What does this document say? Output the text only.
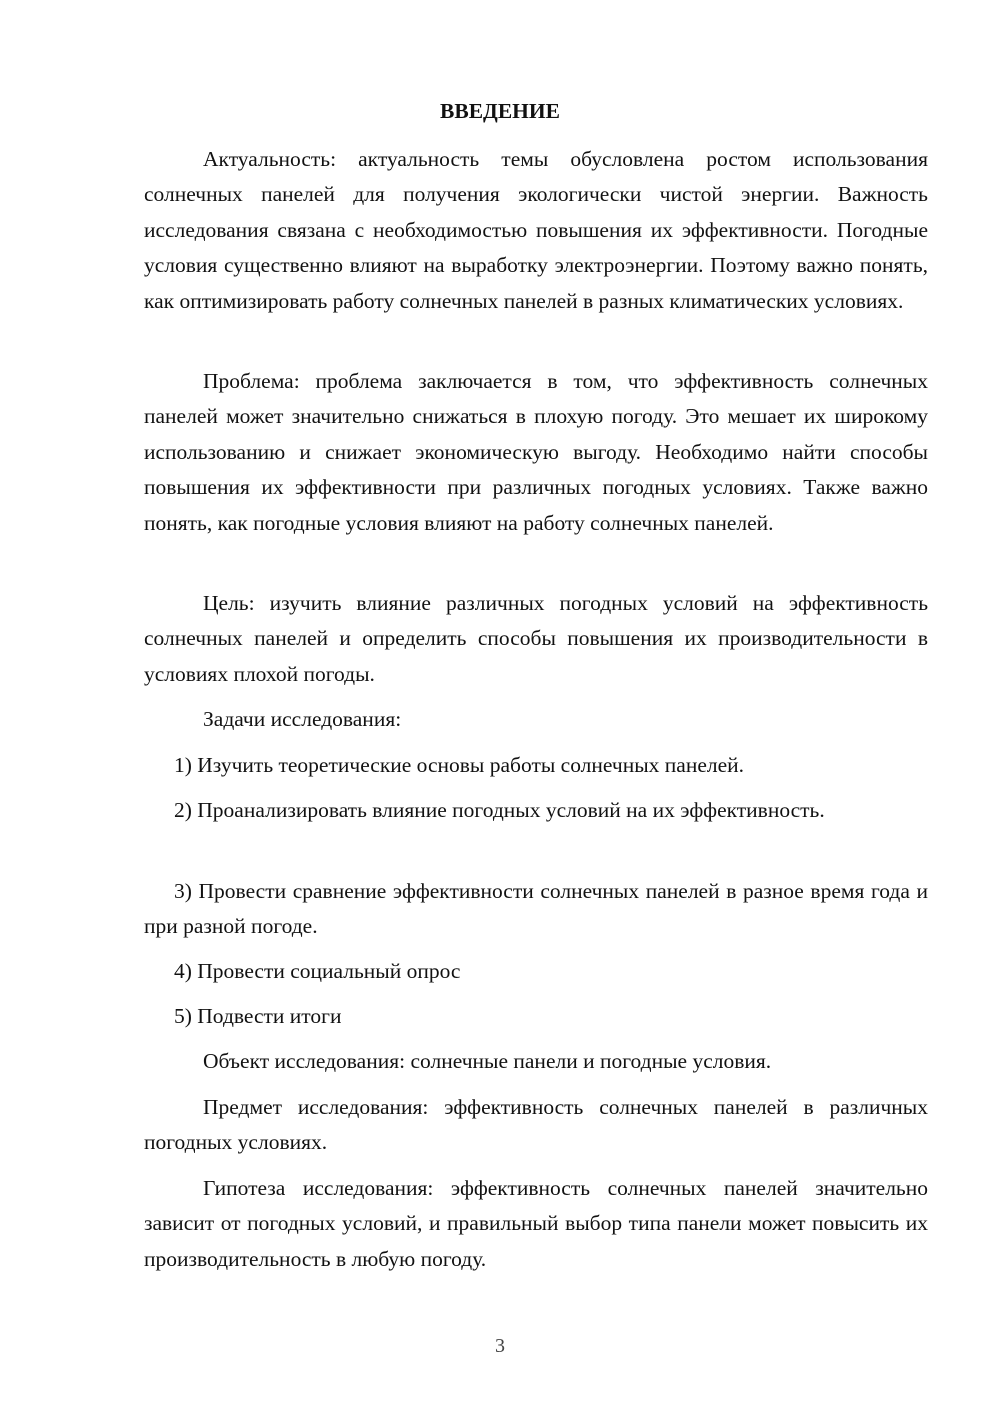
ВВЕДЕНИЕ

Актуальность: актуальность темы обусловлена ростом использования солнечных панелей для получения экологически чистой энергии. Важность исследования связана с необходимостью повышения их эффективности. Погодные условия существенно влияют на выработку электроэнергии. Поэтому важно понять, как оптимизировать работу солнечных панелей в разных климатических условиях.

Проблема: проблема заключается в том, что эффективность солнечных панелей может значительно снижаться в плохую погоду. Это мешает их широкому использованию и снижает экономическую выгоду. Необходимо найти способы повышения их эффективности при различных погодных условиях. Также важно понять, как погодные условия влияют на работу солнечных панелей.

Цель: изучить влияние различных погодных условий на эффективность солнечных панелей и определить способы повышения их производительности в условиях плохой погоды.

Задачи исследования:

1) Изучить теоретические основы работы солнечных панелей.

2) Проанализировать влияние погодных условий на их эффективность.

3) Провести сравнение эффективности солнечных панелей в разное время года и при разной погоде.

4) Провести социальный опрос

5) Подвести итоги

Объект исследования: солнечные панели и погодные условия.

Предмет исследования: эффективность солнечных панелей в различных погодных условиях.

Гипотеза исследования: эффективность солнечных панелей значительно зависит от погодных условий, и правильный выбор типа панели может повысить их производительность в любую погоду.

3
